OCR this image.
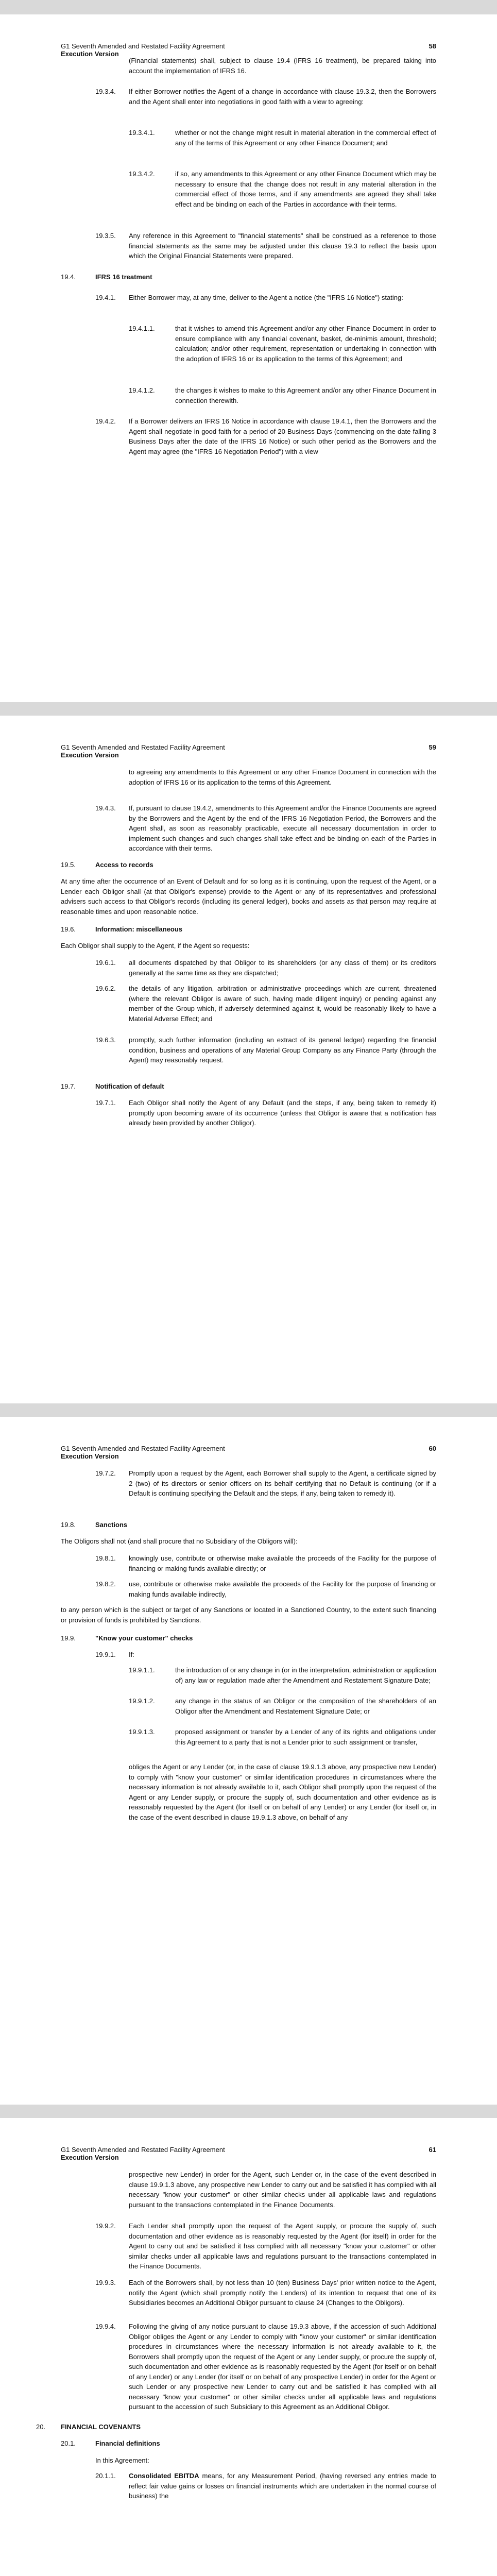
G1 Seventh Amended and Restated Facility Agreement
Execution Version
58
(Financial statements) shall, subject to clause 19.4 (IFRS 16 treatment), be prepared taking into account the implementation of IFRS 16.
19.3.4. If either Borrower notifies the Agent of a change in accordance with clause 19.3.2, then the Borrowers and the Agent shall enter into negotiations in good faith with a view to agreeing:
19.3.4.1.	whether or not the change might result in material alteration in the commercial effect of any of the terms of this Agreement or any other Finance Document; and
19.3.4.2.	if so, any amendments to this Agreement or any other Finance Document which may be necessary to ensure that the change does not result in any material alteration in the commercial effect of those terms, and if any amendments are agreed they shall take effect and be binding on each of the Parties in accordance with their terms.
19.3.5. Any reference in this Agreement to "financial statements" shall be construed as a reference to those financial statements as the same may be adjusted under this clause 19.3 to reflect the basis upon which the Original Financial Statements were prepared.
19.4.	IFRS 16 treatment
19.4.1. Either Borrower may, at any time, deliver to the Agent a notice (the "IFRS 16 Notice") stating:
19.4.1.1.	that it wishes to amend this Agreement and/or any other Finance Document in order to ensure compliance with any financial covenant, basket, de-minimis amount, threshold; calculation; and/or other requirement, representation or undertaking in connection with the adoption of IFRS 16 or its application to the terms of this Agreement; and
19.4.1.2.	the changes it wishes to make to this Agreement and/or any other Finance Document in connection therewith.
19.4.2. If a Borrower delivers an IFRS 16 Notice in accordance with clause 19.4.1, then the Borrowers and the Agent shall negotiate in good faith for a period of 20 Business Days (commencing on the date falling 3 Business Days after the date of the IFRS 16 Notice) or such other period as the Borrowers and the Agent may agree (the "IFRS 16 Negotiation Period") with a view
G1 Seventh Amended and Restated Facility Agreement
Execution Version
59
to agreeing any amendments to this Agreement or any other Finance Document in connection with the adoption of IFRS 16 or its application to the terms of this Agreement.
19.4.3. If, pursuant to clause 19.4.2, amendments to this Agreement and/or the Finance Documents are agreed by the Borrowers and the Agent by the end of the IFRS 16 Negotiation Period, the Borrowers and the Agent shall, as soon as reasonably practicable, execute all necessary documentation in order to implement such changes and such changes shall take effect and be binding on each of the Parties in accordance with their terms.
19.5.	Access to records
At any time after the occurrence of an Event of Default and for so long as it is continuing, upon the request of the Agent, or a Lender each Obligor shall (at that Obligor's expense) provide to the Agent or any of its representatives and professional advisers such access to that Obligor's records (including its general ledger), books and assets as that person may require at reasonable times and upon reasonable notice.
19.6.	Information: miscellaneous
Each Obligor shall supply to the Agent, if the Agent so requests:
19.6.1. all documents dispatched by that Obligor to its shareholders (or any class of them) or its creditors generally at the same time as they are dispatched;
19.6.2. the details of any litigation, arbitration or administrative proceedings which are current, threatened (where the relevant Obligor is aware of such, having made diligent inquiry) or pending against any member of the Group which, if adversely determined against it, would be reasonably likely to have a Material Adverse Effect; and
19.6.3. promptly, such further information (including an extract of its general ledger) regarding the financial condition, business and operations of any Material Group Company as any Finance Party (through the Agent) may reasonably request.
19.7.	Notification of default
19.7.1. Each Obligor shall notify the Agent of any Default (and the steps, if any, being taken to remedy it) promptly upon becoming aware of its occurrence (unless that Obligor is aware that a notification has already been provided by another Obligor).
G1 Seventh Amended and Restated Facility Agreement
Execution Version
60
19.7.2. Promptly upon a request by the Agent, each Borrower shall supply to the Agent, a certificate signed by 2 (two) of its directors or senior officers on its behalf certifying that no Default is continuing (or if a Default is continuing specifying the Default and the steps, if any, being taken to remedy it).
19.8.	Sanctions
The Obligors shall not (and shall procure that no Subsidiary of the Obligors will):
19.8.1. knowingly use, contribute or otherwise make available the proceeds of the Facility for the purpose of financing or making funds available directly; or
19.8.2. use, contribute or otherwise make available the proceeds of the Facility for the purpose of financing or making funds available indirectly,
to any person which is the subject or target of any Sanctions or located in a Sanctioned Country, to the extent such financing or provision of funds is prohibited by Sanctions.
19.9.	"Know your customer" checks
19.9.1. If:
19.9.1.1.	the introduction of or any change in (or in the interpretation, administration or application of) any law or regulation made after the Amendment and Restatement Signature Date;
19.9.1.2.	any change in the status of an Obligor or the composition of the shareholders of an Obligor after the Amendment and Restatement Signature Date; or
19.9.1.3.	proposed assignment or transfer by a Lender of any of its rights and obligations under this Agreement to a party that is not a Lender prior to such assignment or transfer,
obliges the Agent or any Lender (or, in the case of clause 19.9.1.3 above, any prospective new Lender) to comply with "know your customer" or similar identification procedures in circumstances where the necessary information is not already available to it, each Obligor shall promptly upon the request of the Agent or any Lender supply, or procure the supply of, such documentation and other evidence as is reasonably requested by the Agent (for itself or on behalf of any Lender) or any Lender (for itself or, in the case of the event described in clause 19.9.1.3 above, on behalf of any
G1 Seventh Amended and Restated Facility Agreement
Execution Version
61
prospective new Lender) in order for the Agent, such Lender or, in the case of the event described in clause 19.9.1.3 above, any prospective new Lender to carry out and be satisfied it has complied with all necessary "know your customer" or other similar checks under all applicable laws and regulations pursuant to the transactions contemplated in the Finance Documents.
19.9.2. Each Lender shall promptly upon the request of the Agent supply, or procure the supply of, such documentation and other evidence as is reasonably requested by the Agent (for itself) in order for the Agent to carry out and be satisfied it has complied with all necessary "know your customer" or other similar checks under all applicable laws and regulations pursuant to the transactions contemplated in the Finance Documents.
19.9.3. Each of the Borrowers shall, by not less than 10 (ten) Business Days' prior written notice to the Agent, notify the Agent (which shall promptly notify the Lenders) of its intention to request that one of its Subsidiaries becomes an Additional Obligor pursuant to clause 24 (Changes to the Obligors).
19.9.4. Following the giving of any notice pursuant to clause 19.9.3 above, if the accession of such Additional Obligor obliges the Agent or any Lender to comply with "know your customer" or similar identification procedures in circumstances where the necessary information is not already available to it, the Borrowers shall promptly upon the request of the Agent or any Lender supply, or procure the supply of, such documentation and other evidence as is reasonably requested by the Agent (for itself or on behalf of any Lender) or any Lender (for itself or on behalf of any prospective Lender) in order for the Agent or such Lender or any prospective new Lender to carry out and be satisfied it has complied with all necessary "know your customer" or other similar checks under all applicable laws and regulations pursuant to the accession of such Subsidiary to this Agreement as an Additional Obligor.
20. FINANCIAL COVENANTS
20.1.	Financial definitions
In this Agreement:
20.1.1. Consolidated EBITDA means, for any Measurement Period, (having reversed any entries made to reflect fair value gains or losses on financial instruments which are undertaken in the normal course of business) the
